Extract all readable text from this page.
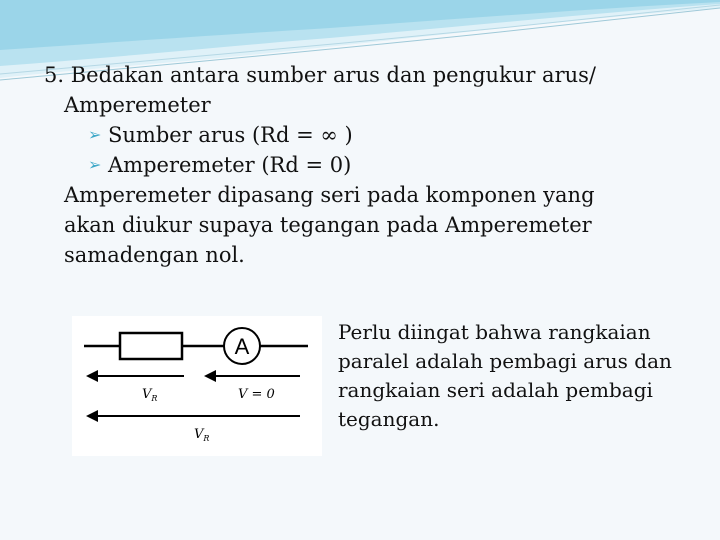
5. Bedakan antara sumber arus dan pengukur arus/

Amperemeter

➢ Sumber arus (Rd = ∞ )
➢ Amperemeter (Rd = 0)

Amperemeter dipasang seri pada komponen yang

akan diukur supaya tegangan pada Amperemeter

samadengan nol.

A
$V_R$	V = 0
$V_R$
Perlu diingat bahwa rangkaian paralel adalah pembagi arus dan rangkaian seri adalah pembagi tegangan.
